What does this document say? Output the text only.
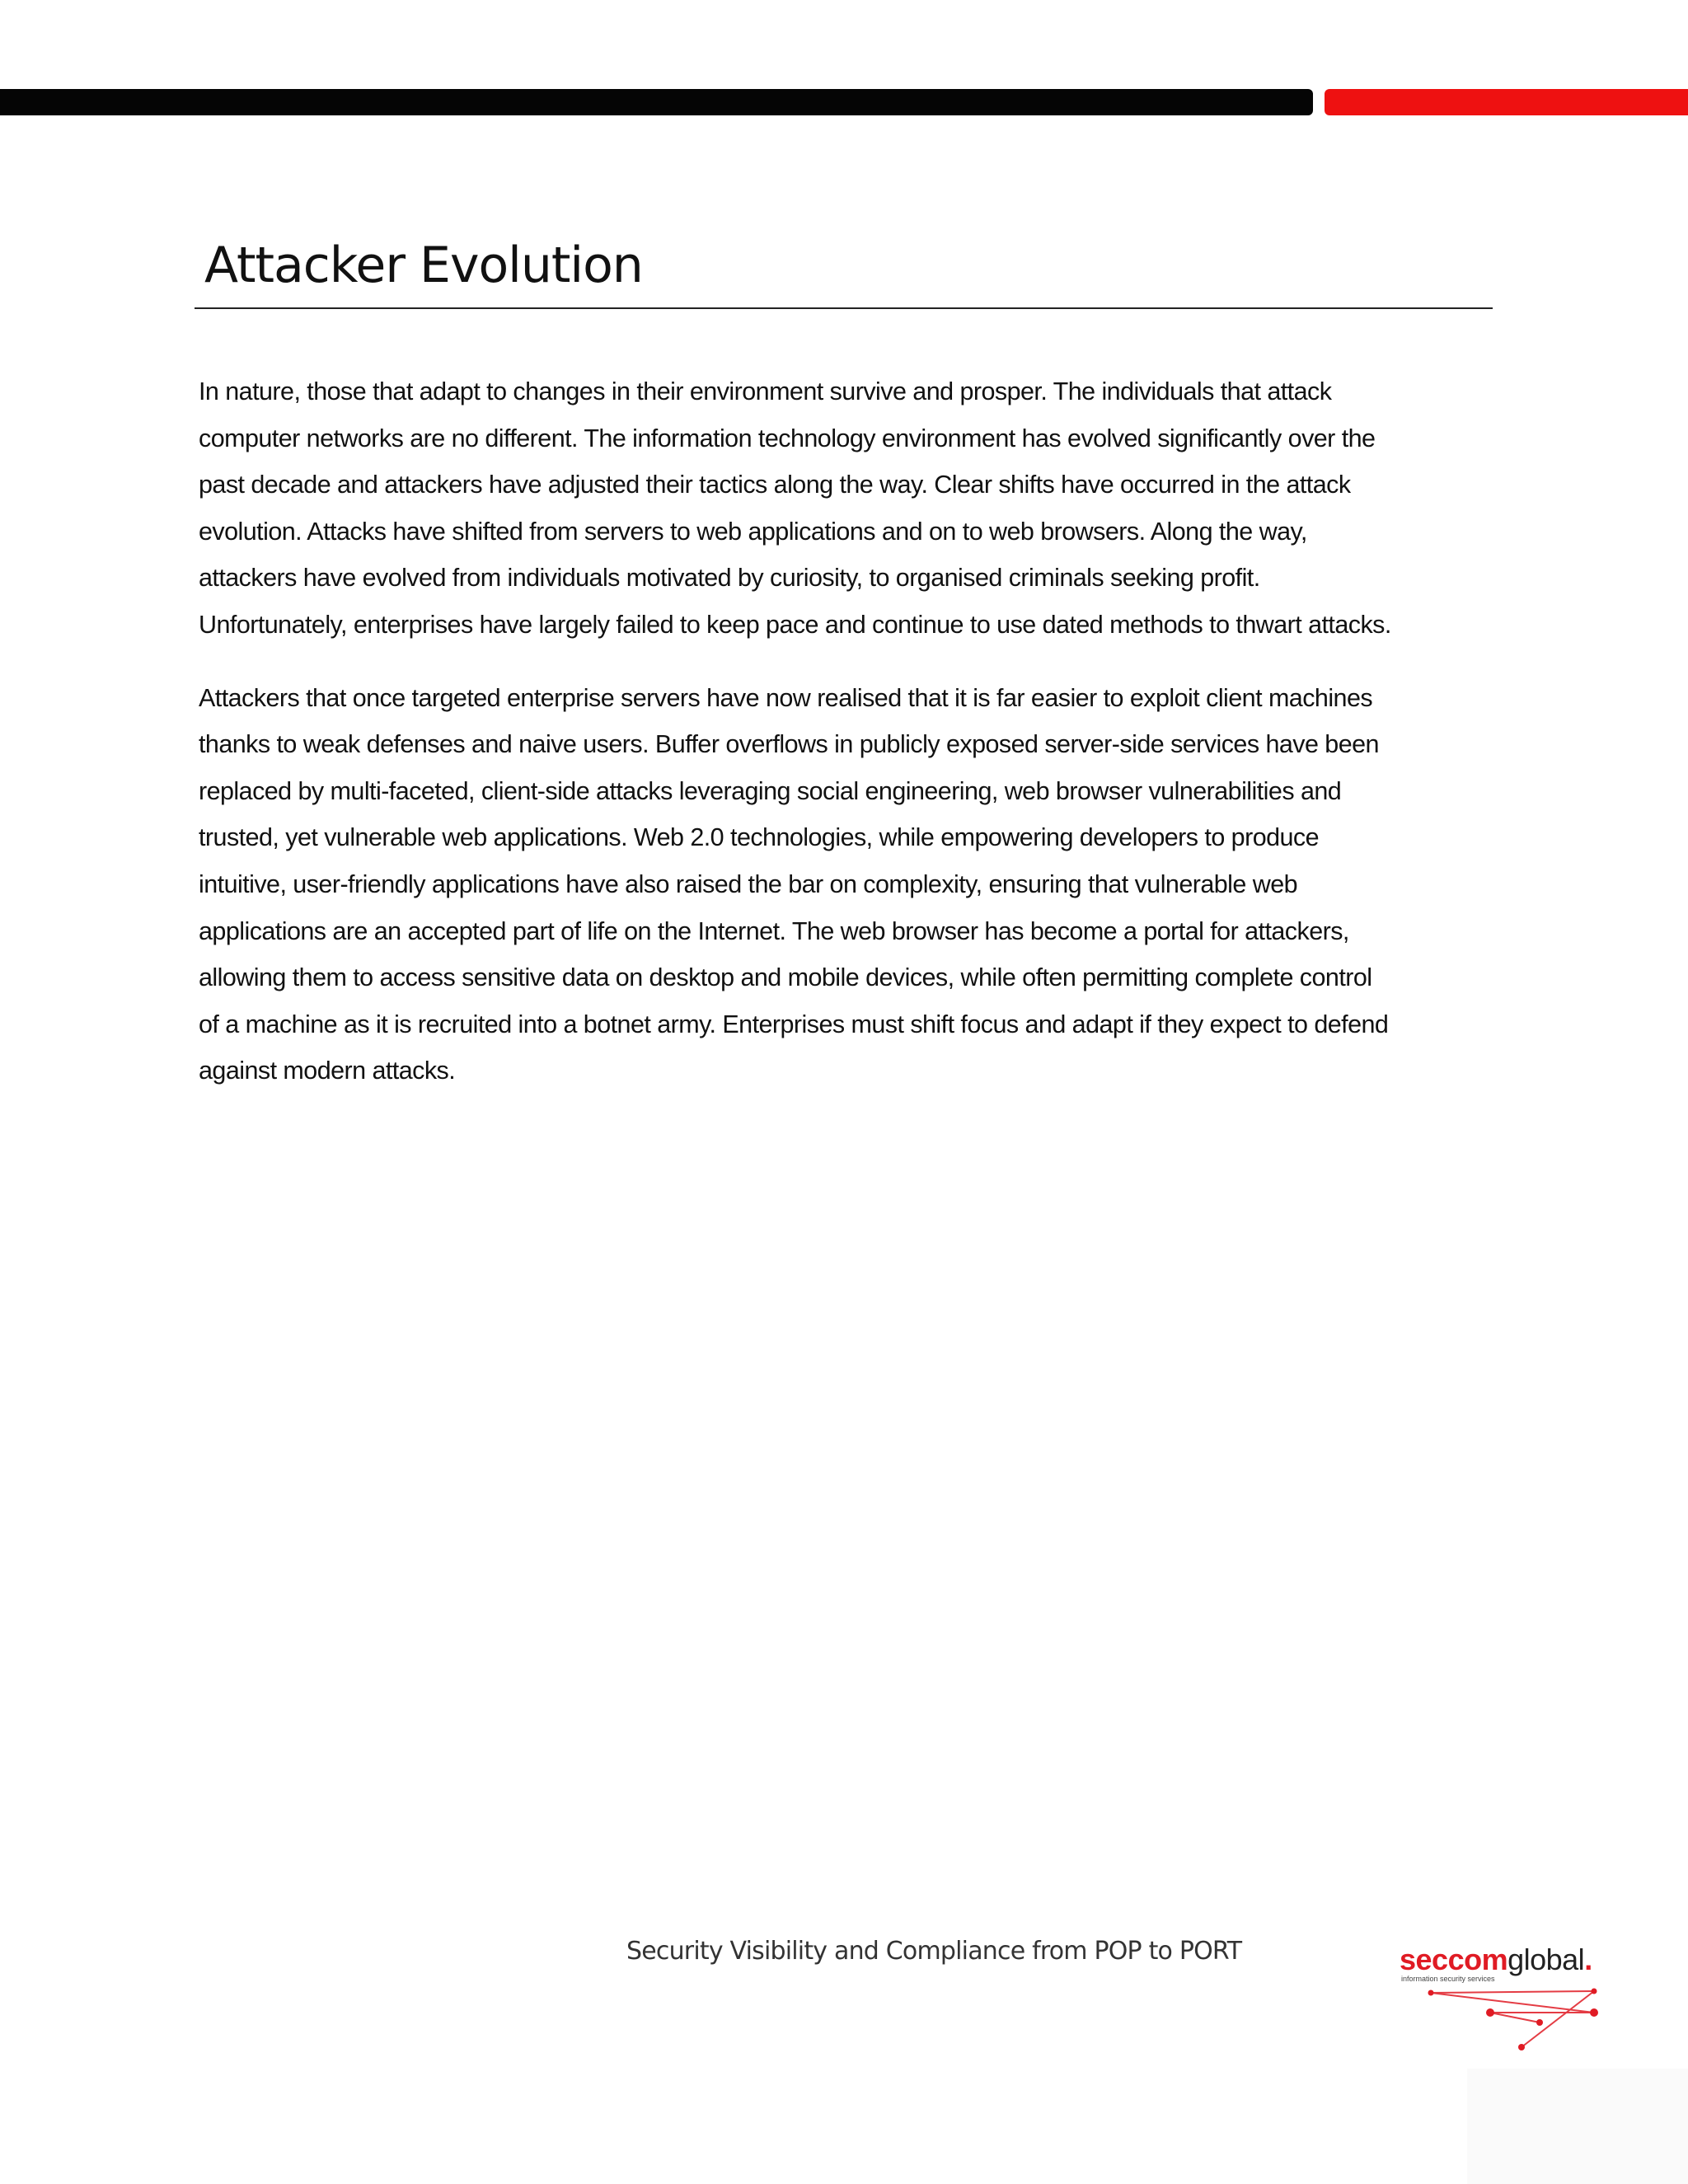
Attacker Evolution

In nature, those that adapt to changes in their environment survive and prosper. The individuals that attack
computer networks are no different. The information technology environment has evolved significantly over the
past decade and attackers have adjusted their tactics along the way. Clear shifts have occurred in the attack
evolution. Attacks have shifted from servers to web applications and on to web browsers. Along the way,
attackers have evolved from individuals motivated by curiosity, to organised criminals seeking profit.
Unfortunately, enterprises have largely failed to keep pace and continue to use dated methods to thwart attacks.

Attackers that once targeted enterprise servers have now realised that it is far easier to exploit client machines
thanks to weak defenses and naive users. Buffer overflows in publicly exposed server-side services have been
replaced by multi-faceted, client-side attacks leveraging social engineering, web browser vulnerabilities and
trusted, yet vulnerable web applications. Web 2.0 technologies, while empowering developers to produce
intuitive, user-friendly applications have also raised the bar on complexity, ensuring that vulnerable web
applications are an accepted part of life on the Internet. The web browser has become a portal for attackers,
allowing them to access sensitive data on desktop and mobile devices, while often permitting complete control
of a machine as it is recruited into a botnet army. Enterprises must shift focus and adapt if they expect to defend
against modern attacks.

Security Visibility and Compliance from POP to PORT	seccomglobal.
information security services
